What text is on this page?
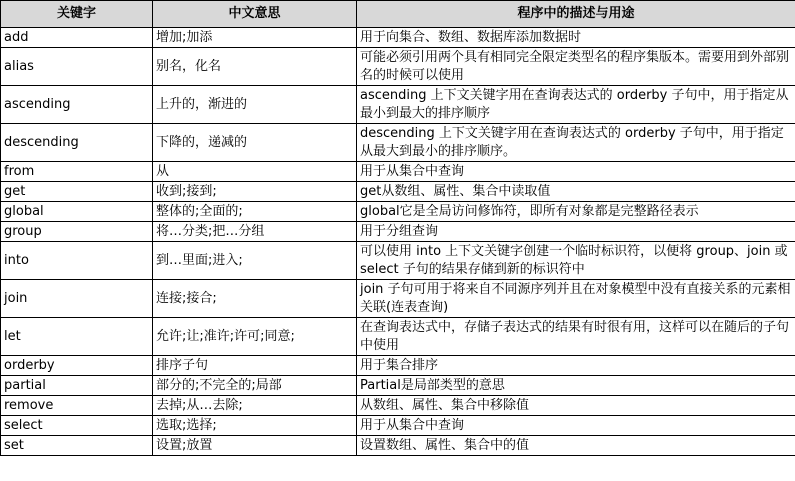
关键字	中文意思	程序中的描述与用途
add	增加;加添	用于向集合、数组、数据库添加数据时
alias	别名，化名	可能必须引用两个具有相同完全限定类型名的程序集版本。需要用到外部别名的时候可以使用
ascending	上升的，渐进的	ascending 上下文关键字用在查询表达式的 orderby 子句中，用于指定从最小到最大的排序顺序
descending	下降的，递减的	descending 上下文关键字用在查询表达式的 orderby 子句中，用于指定从最大到最小的排序顺序。
from	从	用于从集合中查询
get	收到;接到;	get从数组、属性、集合中读取值
global	整体的;全面的;	global它是全局访问修饰符，即所有对象都是完整路径表示
group	将…分类;把…分组	用于分组查询
into	到…里面;进入;	可以使用 into 上下文关键字创建一个临时标识符，以便将 group、join 或 select 子句的结果存储到新的标识符中
join	连接;接合;	join 子句可用于将来自不同源序列并且在对象模型中没有直接关系的元素相关联(连表查询)
let	允许;让;准许;许可;同意;	在查询表达式中，存储子表达式的结果有时很有用，这样可以在随后的子句中使用
orderby	排序子句	用于集合排序
partial	部分的;不完全的;局部	Partial是局部类型的意思
remove	去掉;从…去除;	从数组、属性、集合中移除值
select	选取;选择;	用于从集合中查询
set	设置;放置	设置数组、属性、集合中的值
